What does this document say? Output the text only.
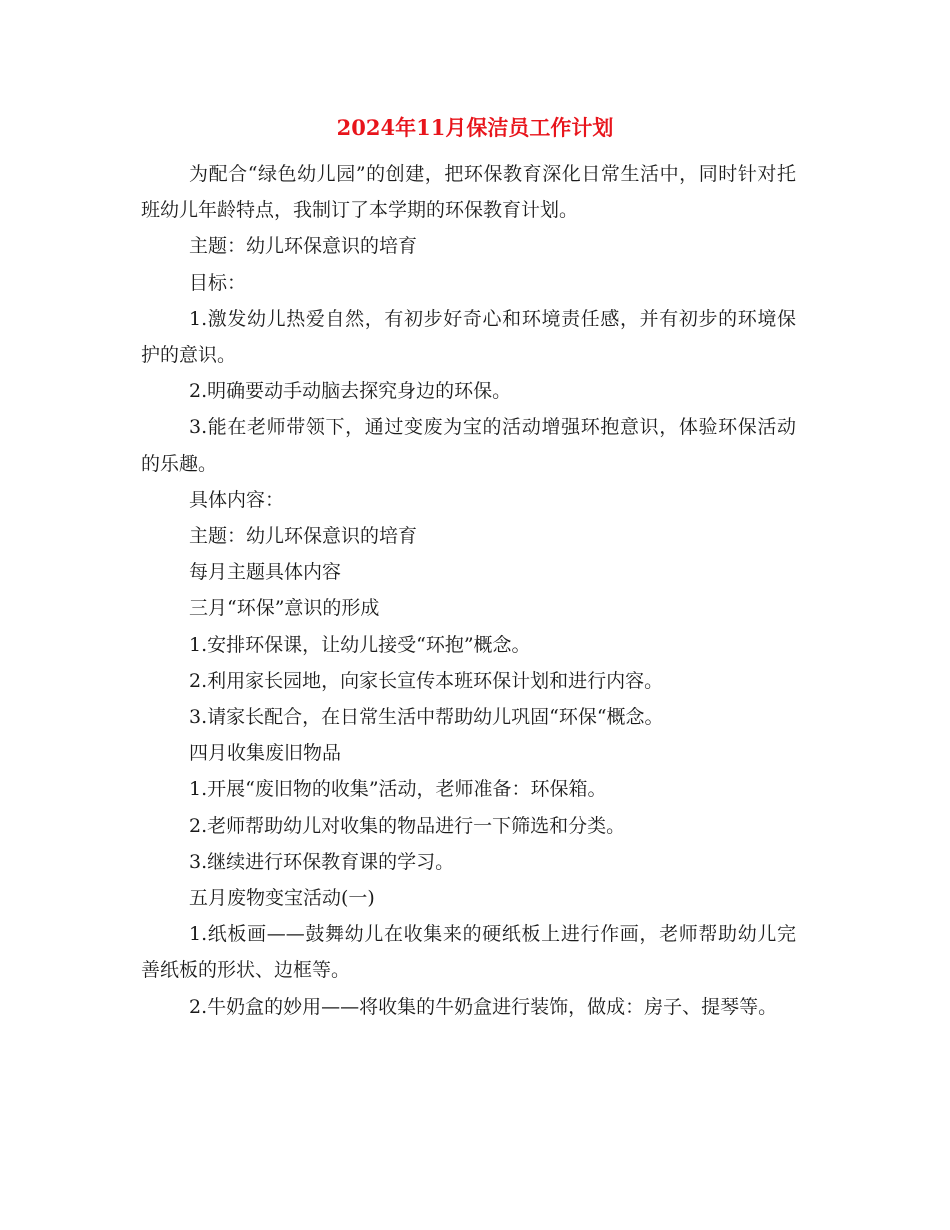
2024年11月保洁员工作计划

为配合“绿色幼儿园”的创建，把环保教育深化日常生活中，同时针对托班幼儿年龄特点，我制订了本学期的环保教育计划。

主题：幼儿环保意识的培育

目标：

1.激发幼儿热爱自然，有初步好奇心和环境责任感，并有初步的环境保护的意识。

2.明确要动手动脑去探究身边的环保。

3.能在老师带领下，通过变废为宝的活动增强环抱意识，体验环保活动的乐趣。

具体内容：

主题：幼儿环保意识的培育

每月主题具体内容

三月“环保”意识的形成

1.安排环保课，让幼儿接受“环抱”概念。

2.利用家长园地，向家长宣传本班环保计划和进行内容。

3.请家长配合，在日常生活中帮助幼儿巩固“环保“概念。

四月收集废旧物品

1.开展“废旧物的收集”活动，老师准备：环保箱。

2.老师帮助幼儿对收集的物品进行一下筛选和分类。

3.继续进行环保教育课的学习。

五月废物变宝活动(一)

1.纸板画——鼓舞幼儿在收集来的硬纸板上进行作画，老师帮助幼儿完善纸板的形状、边框等。

2.牛奶盒的妙用——将收集的牛奶盒进行装饰，做成：房子、提琴等。
